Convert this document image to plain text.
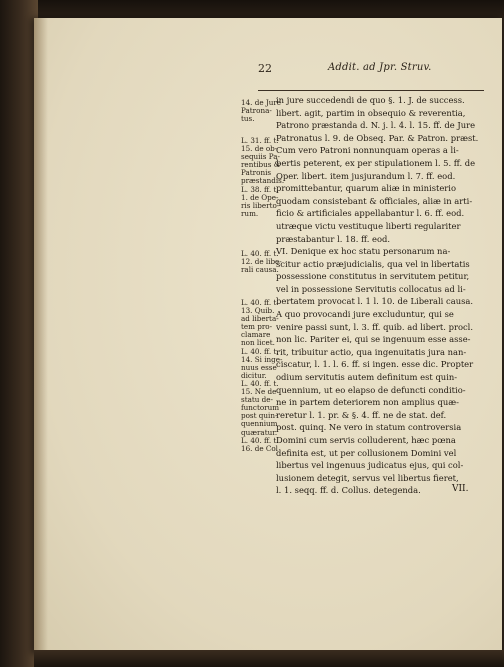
22	Addit. ad Jpr. Struv.
14. de Jure
Patrona-
tus.
L. 31. ff. t.
15. de ob-
sequiis Pa-
rentibus &
Patronis
præstandis.
L. 38. ff. t.
1. de Ope-
ris liberto-
rum.
L. 40. ff. t.
12. de libe-
rali causa.
L. 40. ff. t.
13. Quib.
ad liberta-
tem pro-
clamare
non licet.
L. 40. ff. t.
14. Si inge-
nuus esse
dicitur.
L. 40. ff. t.
15. Ne de
statu de-
functorum
post quin-
quennium
quæratur.
L. 40. ff. t.
16. de Col
in jure succedendi de quo §. 1. J. de success.
libert. agit, partim in obsequio & reverentia,
Patrono præstanda d. N. j. l. 4. l. 15. ff. de Jure
Patronatus l. 9. de Obseq. Par. & Patron. præst.
Cum vero Patroni nonnunquam operas a li-
bertis peterent, ex per stipulationem l. 5. ff. de
Oper. libert. item jusjurandum l. 7. ff. eod.
promittebantur, quarum aliæ in ministerio
quodam consistebant & officiales, aliæ in arti-
ficio & artificiales appellabantur l. 6. ff. eod.
utræque victu vestituque liberti regulariter
præstabantur l. 18. ff. eod.
VI. Denique ex hoc statu personarum na-
scitur actio præjudicialis, qua vel in libertatis
possessione constitutus in servitutem petitur,
vel in possessione Servitutis collocatus ad li-
bertatem provocat l. 1 l. 10. de Liberali causa.
A quo provocandi jure excluduntur, qui se
venire passi sunt, l. 3. ff. quib. ad libert. procl.
non lic. Pariter ei, qui se ingenuum esse asse-
rit, tribuitur actio, qua ingenuitatis jura nan-
ciscatur, l. 1. l. 6. ff. si ingen. esse dic. Propter
odium servitutis autem definitum est quin-
quennium, ut eo elapso de defuncti conditio-
ne in partem deteriorem non amplius quæ-
reretur l. 1. pr. & §. 4. ff. ne de stat. def.
post. quinq. Ne vero in statum controversia
Domini cum servis colluderent, hæc pœna
definita est, ut per collusionem Domini vel
libertus vel ingenuus judicatus ejus, qui col-
lusionem detegit, servus vel libertus fieret,
l. 1. seqq. ff. d. Collus. detegenda.	VII.
